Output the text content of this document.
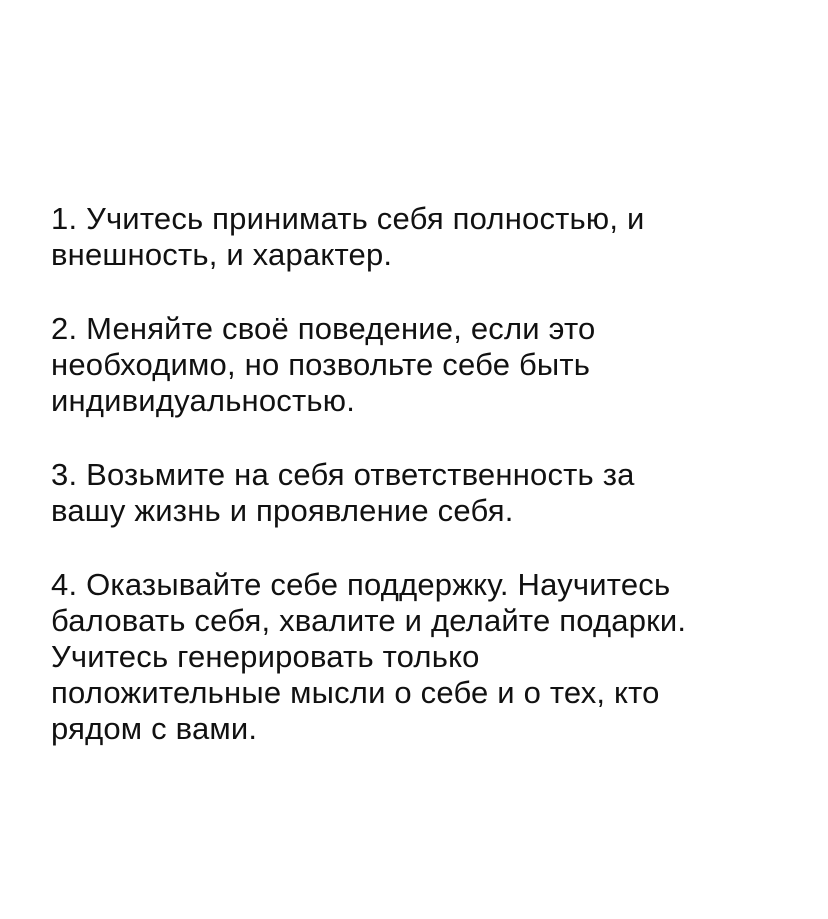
1. Учитесь принимать себя полностью, и
внешность, и характер.

2. Меняйте своё поведение, если это
необходимо, но позвольте себе быть
индивидуальностью.

3. Возьмите на себя ответственность за
вашу жизнь и проявление себя.

4. Оказывайте себе поддержку. Научитесь
баловать себя, хвалите и делайте подарки.
Учитесь генерировать только
положительные мысли о себе и о тех, кто
рядом с вами.
